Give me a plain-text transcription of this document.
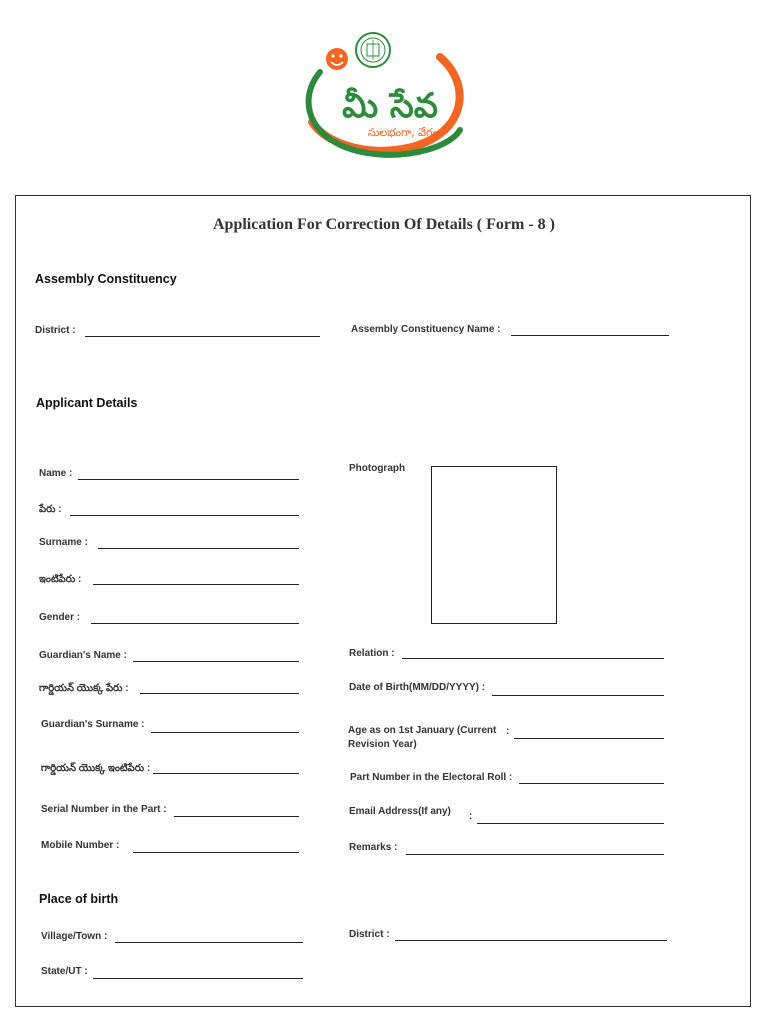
మీ సేవ
సులభంగా, వేగంగా
Application For Correction Of Details ( Form - 8 )
Assembly Constituency
District :	Assembly Constituency Name :
Applicant Details
Name :
పేరు :
Surname :
ఇంటిపేరు :
Gender :
Guardian's Name :
గార్డియన్ యొక్క పేరు :
Guardian's Surname :
గార్డియన్ యొక్క ఇంటిపేరు :
Serial Number in the Part :
Mobile Number :
Photograph
Relation :
Date of Birth(MM/DD/YYYY) :
Age as on 1st January (Current
Revision Year)
:
Part Number in the Electoral Roll :
Email Address(If any) :
Remarks :
Place of birth
Village/Town :	District :
State/UT :
